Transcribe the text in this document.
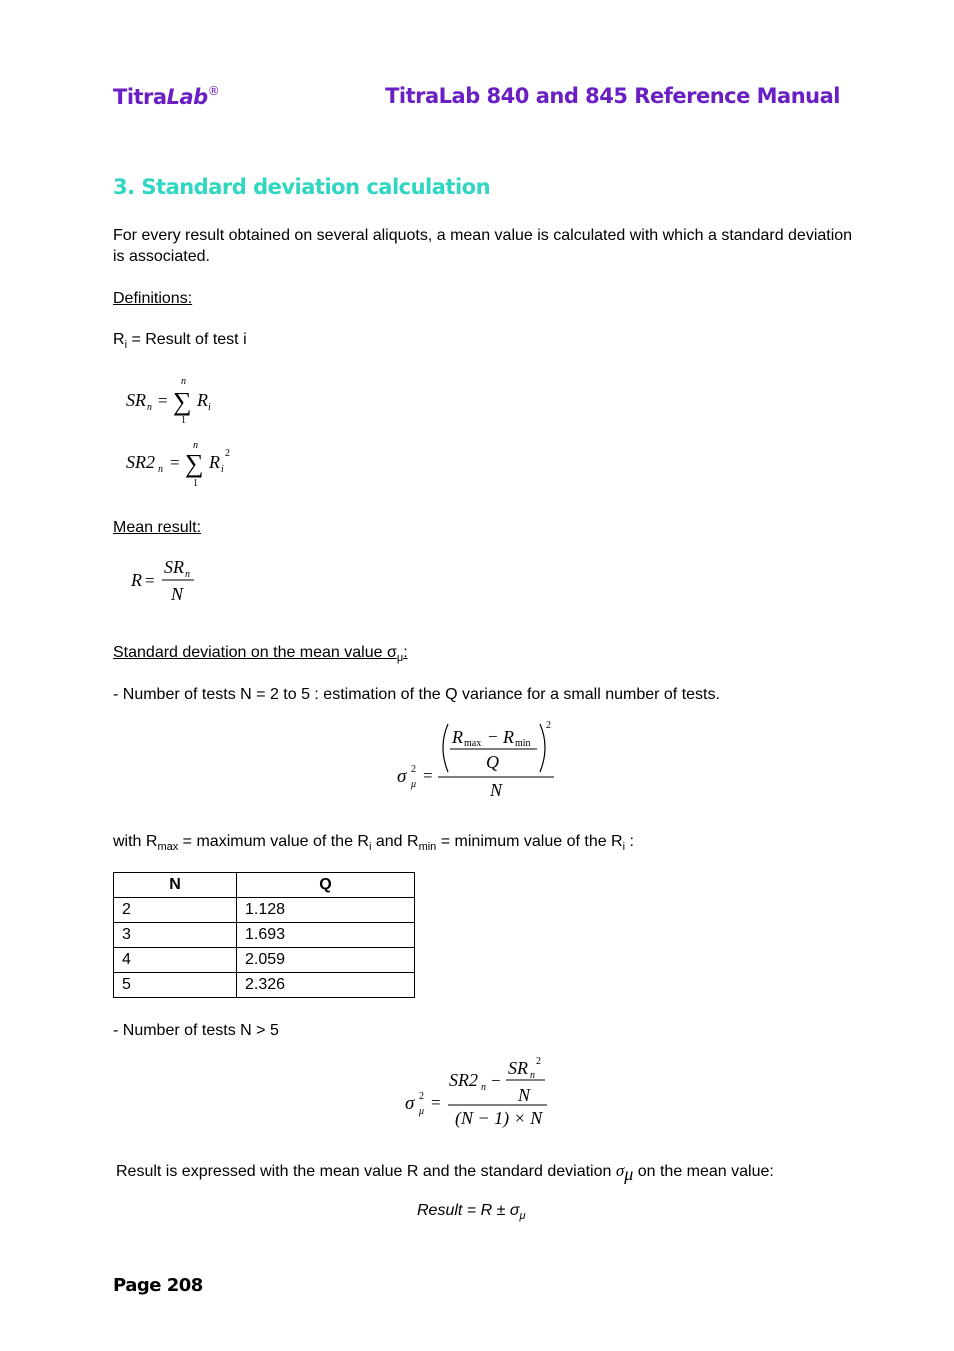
TitraLab®	TitraLab 840 and 845 Reference Manual
3. Standard deviation calculation
For every result obtained on several aliquots, a mean value is calculated with which a standard deviation is associated.
Definitions:
$R_i$ = Result of test i
SR n =
n
∑
1
R i
SR2 n =
n
∑
1
R i
2
Mean result:
R =
SR n
N
Standard deviation on the mean value $\sigma_\mu$:
- Number of tests N = 2 to 5 : estimation of the Q variance for a small number of tests.
σ 2
μ =
R max − R min
Q
2
N
with $R_{max}$ = maximum value of the $R_i$ and $R_{min}$ = minimum value of the $R_i$ :
N	Q
2	1.128
3	1.693
4	2.059
5	2.326
- Number of tests N > 5
σ 2
μ =
SR2 n −
SR n
2
N
(N − 1) × N
Result is expressed with the mean value R and the standard deviation $\sigma_\mu$ on the mean value:
Result = $R \pm \sigma_\mu$
Page 208
